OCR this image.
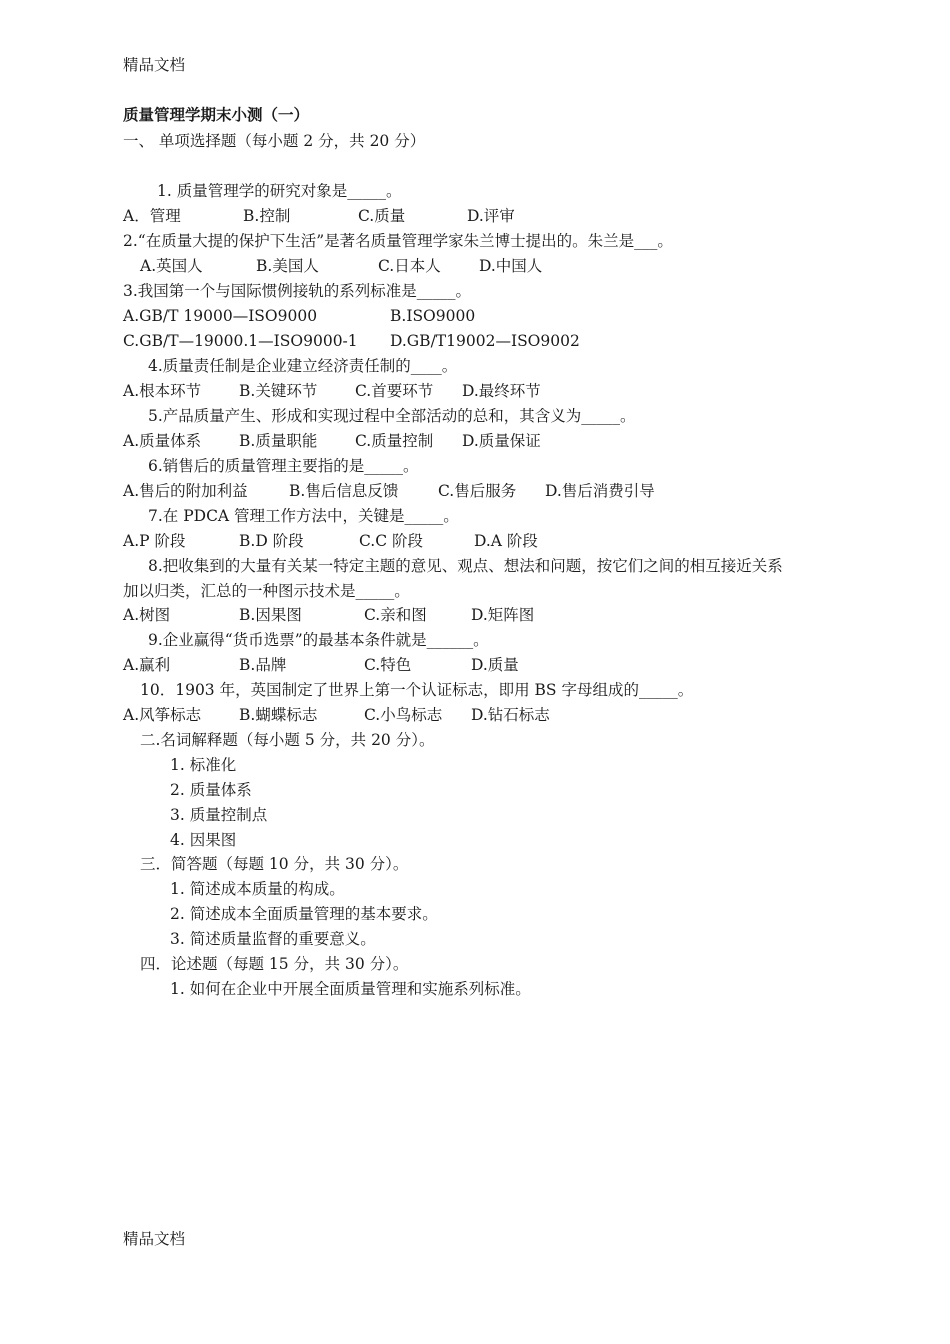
精品文档
质量管理学期末小测（一）
一、 单项选择题（每小题 2 分，共 20 分）
1. 质量管理学的研究对象是_____。
A．管理	B.控制	C.质量	D.评审
2.“在质量大提的保护下生活”是著名质量管理学家朱兰博士提出的。朱兰是___。
A.英国人	B.美国人	C.日本人 D.中国人
3.我国第一个与国际惯例接轨的系列标准是_____。
A.GB/T 19000—ISO9000	B.ISO9000
C.GB/T—19000.1—ISO9000-1 D.GB/T19002—ISO9002
4.质量责任制是企业建立经济责任制的____。
A.根本环节 B.关键环节 C.首要环节 D.最终环节
5.产品质量产生、形成和实现过程中全部活动的总和，其含义为_____。
A.质量体系 B.质量职能 C.质量控制 D.质量保证
6.销售后的质量管理主要指的是_____。
A.售后的附加利益	B.售后信息反馈	C.售后服务 D.售后消费引导
7.在 PDCA 管理工作方法中，关键是_____。
A.P 阶段	B.D 阶段	C.C 阶段	D.A 阶段
8.把收集到的大量有关某一特定主题的意见、观点、想法和问题，按它们之间的相互接近关系
加以归类，汇总的一种图示技术是_____。
A.树图	B.因果图	C.亲和图	D.矩阵图
9.企业赢得“货币选票”的最基本条件就是______。
A.赢利	B.品牌	C.特色	D.质量
10．1903 年，英国制定了世界上第一个认证标志，即用 BS 字母组成的_____。
A.风筝标志 B.蝴蝶标志	C.小鸟标志 D.钻石标志
二.名词解释题（每小题 5 分，共 20 分）。
1. 标准化
2. 质量体系
3. 质量控制点
4. 因果图
三．简答题（每题 10 分，共 30 分）。
1. 简述成本质量的构成。
2. 简述成本全面质量管理的基本要求。
3. 简述质量监督的重要意义。
四．论述题（每题 15 分，共 30 分）。
1. 如何在企业中开展全面质量管理和实施系列标准。
精品文档
